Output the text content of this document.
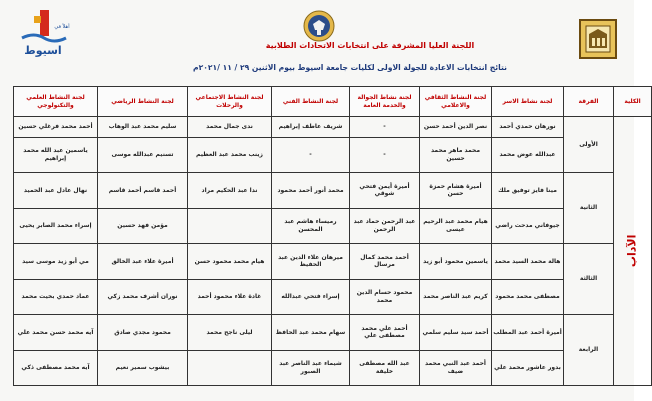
اسيوط
أهلاً في
اللجنة العليا المشرفة على انتخابات الاتحادات الطلابية
نتائج انتخابات الاعادة للجولة الاولى لكليات جامعة اسيوط بيوم الاثنين ٢٩ / ١١ /٢٠٢١م
الكلية	الفرقة	لجنة نشاط الاسر	لجنة النشاط الثقافي والاعلامي	لجنة نشاط الجوالة والخدمة العامة	لجنة النشاط الفني	لجنة النشاط الاجتماعي والرحلات	لجنة النشاط الرياضي	لجنة النشاط العلمي والتكنولوجي
الآداب	الأولى	نورهان حمدي أحمد	نصر الدين أحمد حسن	-	شريف عاطف إبراهيم	ندى جمال محمد	سليم محمد عبد الوهاب	أحمد محمد فرغلي حسين
		عبدالله عوض محمد	محمد ماهر محمد حسين	-	-	زينب محمد عبد العظيم	تسنيم عبدالله موسى	ياسمين عبد الله محمد إبراهيم
	الثانية	مينا فايز توفيق ملك	أميرة هشام حمزة حسن	أميرة أيمن فتحي شوقي	محمد أنور أحمد محمود	ندا عبد الحكيم مراد	أحمد قاسم أحمد قاسم	نهال عادل عبد الحميد
		جيوفاني مدحت راضي	هيام محمد عبد الرحيم عيسى	عبد الرحمن حماد عبد الرحمن	رميساء هاشم عبد المحسن		مؤمن فهد حسين	إسراء محمد الصابر يحيى
	الثالثة	هالة محمد السيد محمد	ياسمين محمود أبو زيد	أحمد محمد كمال مرسال	ميرهان علاء الدين عبد الحفيظ	هيام محمد محمود حسن	أميرة علاء عبد الخالق	مي أبو زيد موسى سيد
		مصطفى محمد محمود	كريم عبد الناصر محمد	محمود حسام الدين محمد	إسراء فتحي عبدالله	غادة علاء محمود أحمد	نوران أشرف محمد زكي	عماد حمدي بخيت محمد
	الرابعة	أميرة أحمد عبد المطلب	أحمد سيد سليم سلمي	أحمد علي محمد مصطفى علي	سهام محمد عبد الحافظ	ليلى ناجح محمد	محمود مجدي صادق	آيه محمد حسن محمد علي
		بدور عاشور محمد علي	أحمد عبد النبي محمد ضيف	عبد الله مصطفى خليفة	شيماء عبد الناصر عبد الصبور		بيشوب سمير نعيم	آيه محمد مصطفى ذكي
